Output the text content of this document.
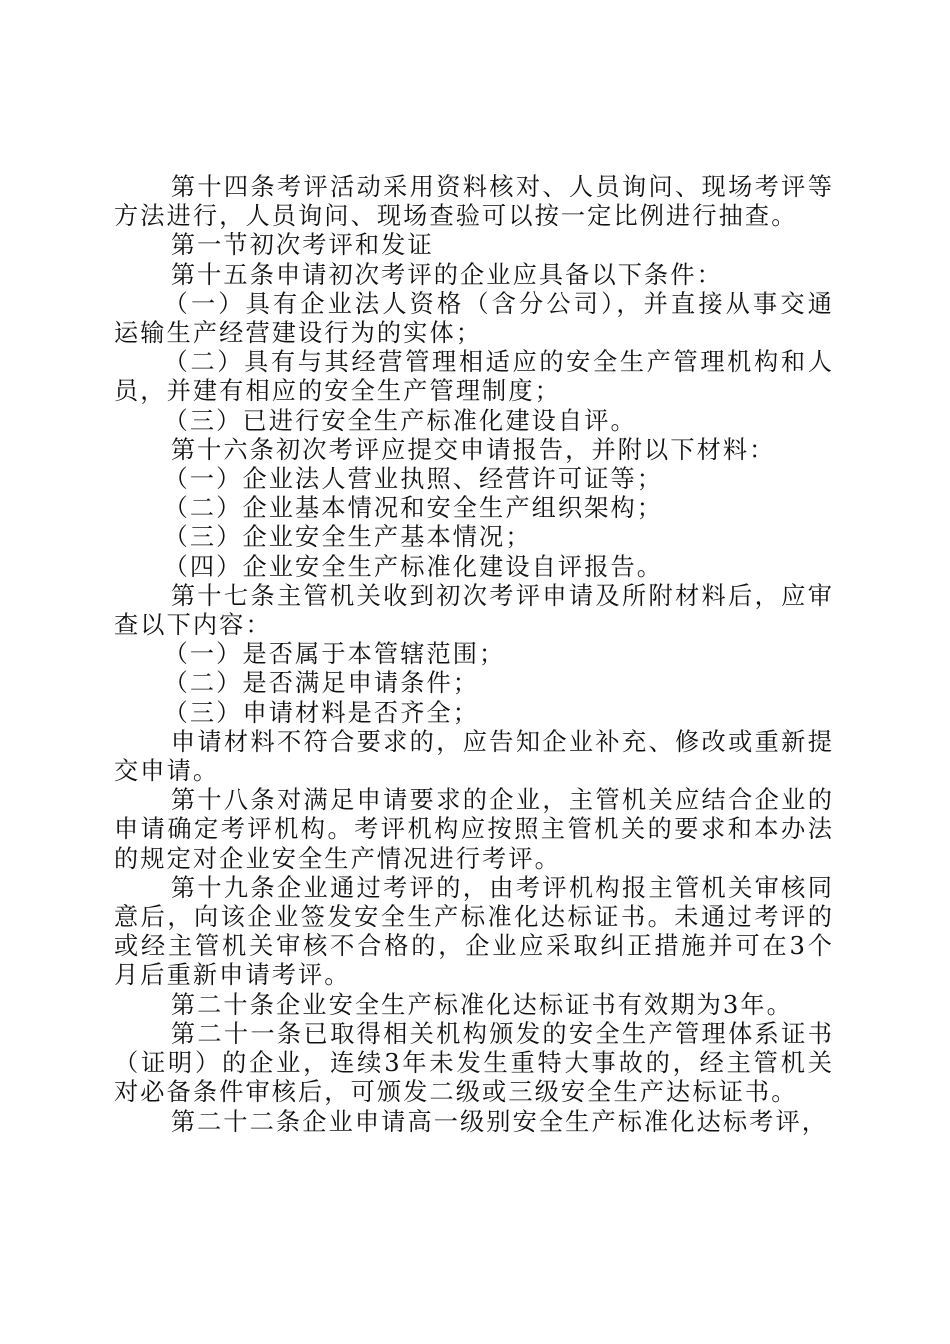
第十四条考评活动采用资料核对、人员询问、现场考评等方法进行，人员询问、现场查验可以按一定比例进行抽查。

第一节初次考评和发证

第十五条申请初次考评的企业应具备以下条件：

（一）具有企业法人资格（含分公司），并直接从事交通运输生产经营建设行为的实体；

（二）具有与其经营管理相适应的安全生产管理机构和人员，并建有相应的安全生产管理制度；

（三）已进行安全生产标准化建设自评。

第十六条初次考评应提交申请报告，并附以下材料：

（一）企业法人营业执照、经营许可证等；

（二）企业基本情况和安全生产组织架构；

（三）企业安全生产基本情况；

（四）企业安全生产标准化建设自评报告。

第十七条主管机关收到初次考评申请及所附材料后，应审查以下内容：

（一）是否属于本管辖范围；

（二）是否满足申请条件；

（三）申请材料是否齐全；

申请材料不符合要求的，应告知企业补充、修改或重新提交申请。

第十八条对满足申请要求的企业，主管机关应结合企业的申请确定考评机构。考评机构应按照主管机关的要求和本办法的规定对企业安全生产情况进行考评。

第十九条企业通过考评的，由考评机构报主管机关审核同意后，向该企业签发安全生产标准化达标证书。未通过考评的或经主管机关审核不合格的，企业应采取纠正措施并可在3个月后重新申请考评。

第二十条企业安全生产标准化达标证书有效期为3年。

第二十一条已取得相关机构颁发的安全生产管理体系证书（证明）的企业，连续3年未发生重特大事故的，经主管机关对必备条件审核后，可颁发二级或三级安全生产达标证书。

第二十二条企业申请高一级别安全生产标准化达标考评，
